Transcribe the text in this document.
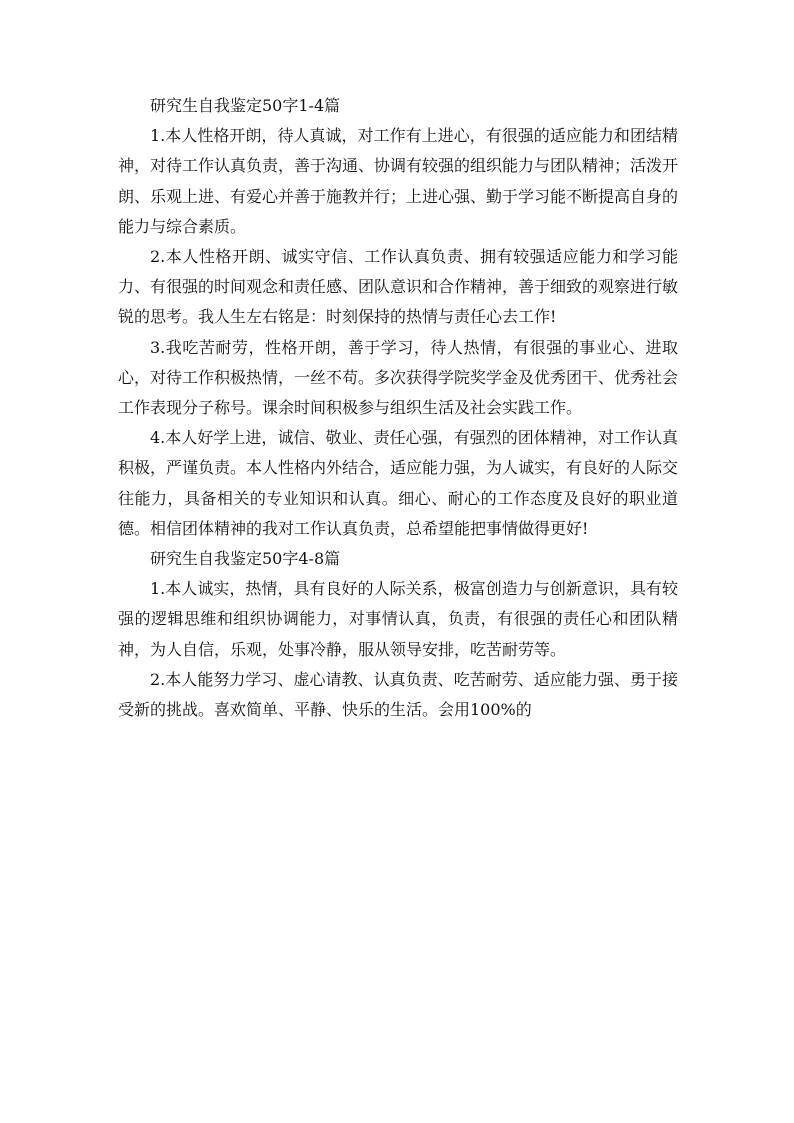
研究生自我鉴定50字1-4篇

1.本人性格开朗，待人真诚，对工作有上进心，有很强的适应能力和团结精神，对待工作认真负责，善于沟通、协调有较强的组织能力与团队精神；活泼开朗、乐观上进、有爱心并善于施教并行；上进心强、勤于学习能不断提高自身的能力与综合素质。

2.本人性格开朗、诚实守信、工作认真负责、拥有较强适应能力和学习能力、有很强的时间观念和责任感、团队意识和合作精神，善于细致的观察进行敏锐的思考。我人生左右铭是：时刻保持的热情与责任心去工作!

3.我吃苦耐劳，性格开朗，善于学习，待人热情，有很强的事业心、进取心，对待工作积极热情，一丝不苟。多次获得学院奖学金及优秀团干、优秀社会工作表现分子称号。课余时间积极参与组织生活及社会实践工作。

4.本人好学上进，诚信、敬业、责任心强，有强烈的团体精神，对工作认真积极，严谨负责。本人性格内外结合，适应能力强，为人诚实，有良好的人际交往能力，具备相关的专业知识和认真。细心、耐心的工作态度及良好的职业道德。相信团体精神的我对工作认真负责，总希望能把事情做得更好!

研究生自我鉴定50字4-8篇

1.本人诚实，热情，具有良好的人际关系，极富创造力与创新意识，具有较强的逻辑思维和组织协调能力，对事情认真，负责，有很强的责任心和团队精神，为人自信，乐观，处事冷静，服从领导安排，吃苦耐劳等。

2.本人能努力学习、虚心请教、认真负责、吃苦耐劳、适应能力强、勇于接受新的挑战。喜欢简单、平静、快乐的生活。会用100%的
